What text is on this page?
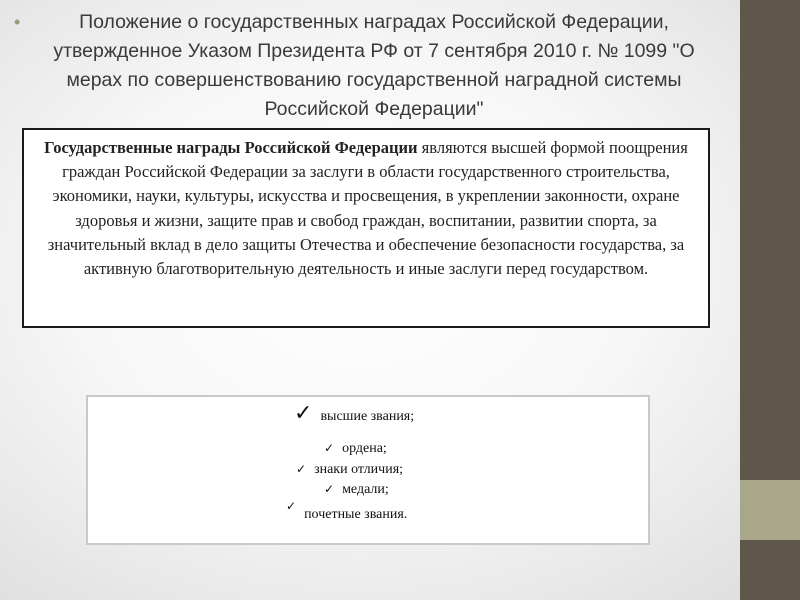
•	Положение о государственных наградах Российской Федерации, утвержденное Указом Президента РФ от 7 сентября 2010 г. № 1099 "О мерах по совершенствованию государственной наградной системы Российской Федерации"

Государственные награды Российской Федерации являются высшей формой поощрения граждан Российской Федерации за заслуги в области государственного строительства, экономики, науки, культуры, искусства и просвещения, в укреплении законности, охране здоровья и жизни, защите прав и свобод граждан, воспитании, развитии спорта, за значительный вклад в дело защиты Отечества и обеспечение безопасности государства, за активную благотворительную деятельность и иные заслуги перед государством.

✓ высшие звания;
✓ ордена;
✓ знаки отличия;
✓ медали;
✓почетные звания.
